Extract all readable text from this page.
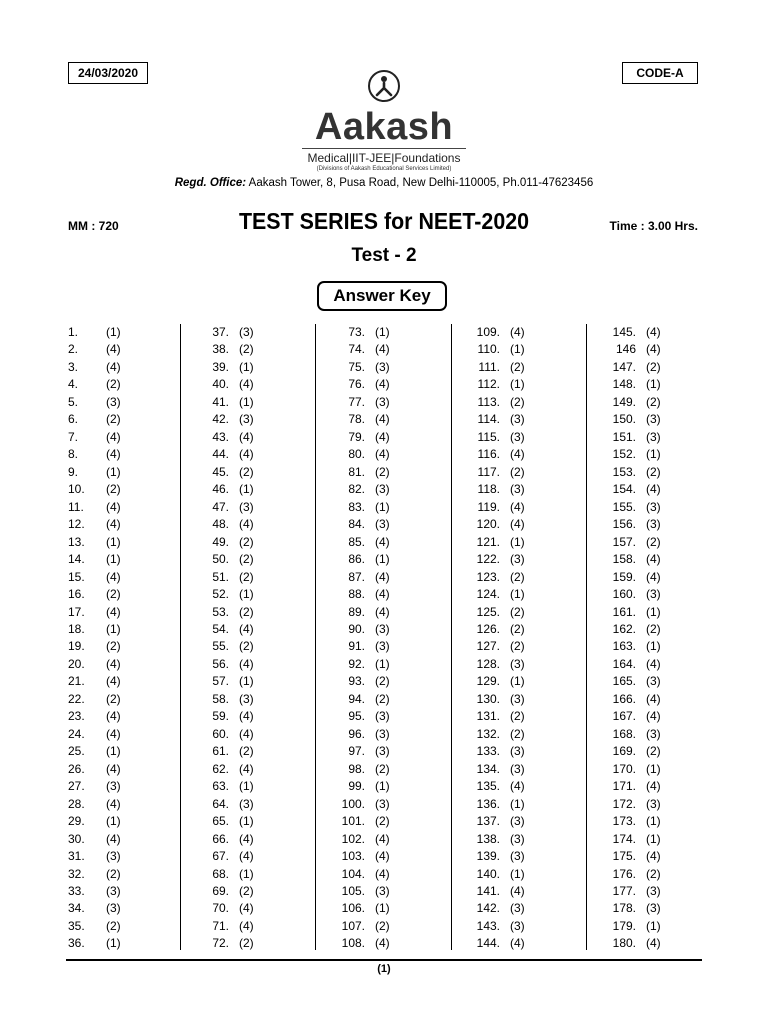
24/03/2020	CODE-A
Aakash
Medical|IIT-JEE|Foundations
(Divisions of Aakash Educational Services Limited)
Regd. Office: Aakash Tower, 8, Pusa Road, New Delhi-110005, Ph.011-47623456
MM : 720	TEST SERIES for NEET-2020	Time : 3.00 Hrs.
Test - 2
Answer Key
1.	(1)
2.	(4)
3.	(4)
4.	(2)
5.	(3)
6.	(2)
7.	(4)
8.	(4)
9.	(1)
10.	(2)
11.	(4)
12.	(4)
13.	(1)
14.	(1)
15.	(4)
16.	(2)
17.	(4)
18.	(1)
19.	(2)
20.	(4)
21.	(4)
22.	(2)
23.	(4)
24.	(4)
25.	(1)
26.	(4)
27.	(3)
28.	(4)
29.	(1)
30.	(4)
31.	(3)
32.	(2)
33.	(3)
34.	(3)
35.	(2)
36.	(1)
37. (3)
38. (2)
39. (1)
40. (4)
41. (1)
42. (3)
43. (4)
44. (4)
45. (2)
46. (1)
47. (3)
48. (4)
49. (2)
50. (2)
51. (2)
52. (1)
53. (2)
54. (4)
55. (2)
56. (4)
57. (1)
58. (3)
59. (4)
60. (4)
61. (2)
62. (4)
63. (1)
64. (3)
65. (1)
66. (4)
67. (4)
68. (1)
69. (2)
70. (4)
71. (4)
72. (2)
73. (1)
74. (4)
75. (3)
76. (4)
77. (3)
78. (4)
79. (4)
80. (4)
81. (2)
82. (3)
83. (1)
84. (3)
85. (4)
86. (1)
87. (4)
88. (4)
89. (4)
90. (3)
91. (3)
92. (1)
93. (2)
94. (2)
95. (3)
96. (3)
97. (3)
98. (2)
99. (1)
100. (3)
101. (2)
102. (4)
103. (4)
104. (4)
105. (3)
106. (1)
107. (2)
108. (4)
109. (4)
110. (1)
111. (2)
112. (1)
113. (2)
114. (3)
115. (3)
116. (4)
117. (2)
118. (3)
119. (4)
120. (4)
121. (1)
122. (3)
123. (2)
124. (1)
125. (2)
126. (2)
127. (2)
128. (3)
129. (1)
130. (3)
131. (2)
132. (2)
133. (3)
134. (3)
135. (4)
136. (1)
137. (3)
138. (3)
139. (3)
140. (1)
141. (4)
142. (3)
143. (3)
144. (4)
145. (4)
146 (4)
147. (2)
148. (1)
149. (2)
150. (3)
151. (3)
152. (1)
153. (2)
154. (4)
155. (3)
156. (3)
157. (2)
158. (4)
159. (4)
160. (3)
161. (1)
162. (2)
163. (1)
164. (4)
165. (3)
166. (4)
167. (4)
168. (3)
169. (2)
170. (1)
171. (4)
172. (3)
173. (1)
174. (1)
175. (4)
176. (2)
177. (3)
178. (3)
179. (1)
180. (4)
(1)
